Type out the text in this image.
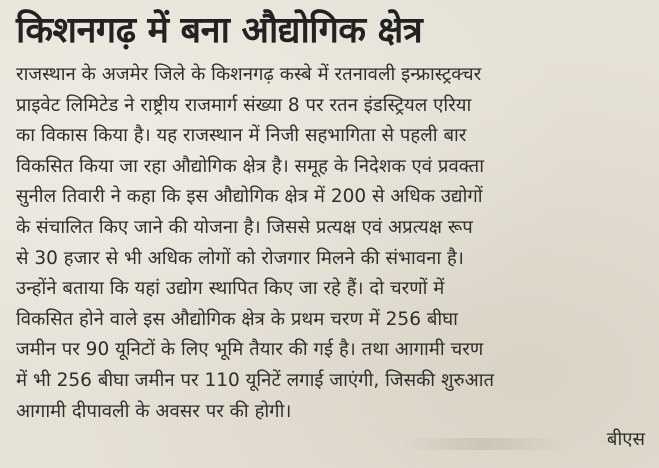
किशनगढ़ में बना औद्योगिक क्षेत्र
राजस्थान के अजमेर जिले के किशनगढ़ कस्बे में रतनावली इन्फ्रास्ट्रक्चर
प्राइवेट लिमिटेड ने राष्ट्रीय राजमार्ग संख्या 8 पर रतन इंडस्ट्रियल एरिया
का विकास किया है। यह राजस्थान में निजी सहभागिता से पहली बार
विकसित किया जा रहा औद्योगिक क्षेत्र है। समूह के निदेशक एवं प्रवक्ता
सुनील तिवारी ने कहा कि इस औद्योगिक क्षेत्र में 200 से अधिक उद्योगों
के संचालित किए जाने की योजना है। जिससे प्रत्यक्ष एवं अप्रत्यक्ष रूप
से 30 हजार से भी अधिक लोगों को रोजगार मिलने की संभावना है।
उन्होंने बताया कि यहां उद्योग स्थापित किए जा रहे हैं। दो चरणों में
विकसित होने वाले इस औद्योगिक क्षेत्र के प्रथम चरण में 256 बीघा
जमीन पर 90 यूनिटों के लिए भूमि तैयार की गई है। तथा आगामी चरण
में भी 256 बीघा जमीन पर 110 यूनिटें लगाई जाएंगी, जिसकी शुरुआत
आगामी दीपावली के अवसर पर की होगी।
बीएस
